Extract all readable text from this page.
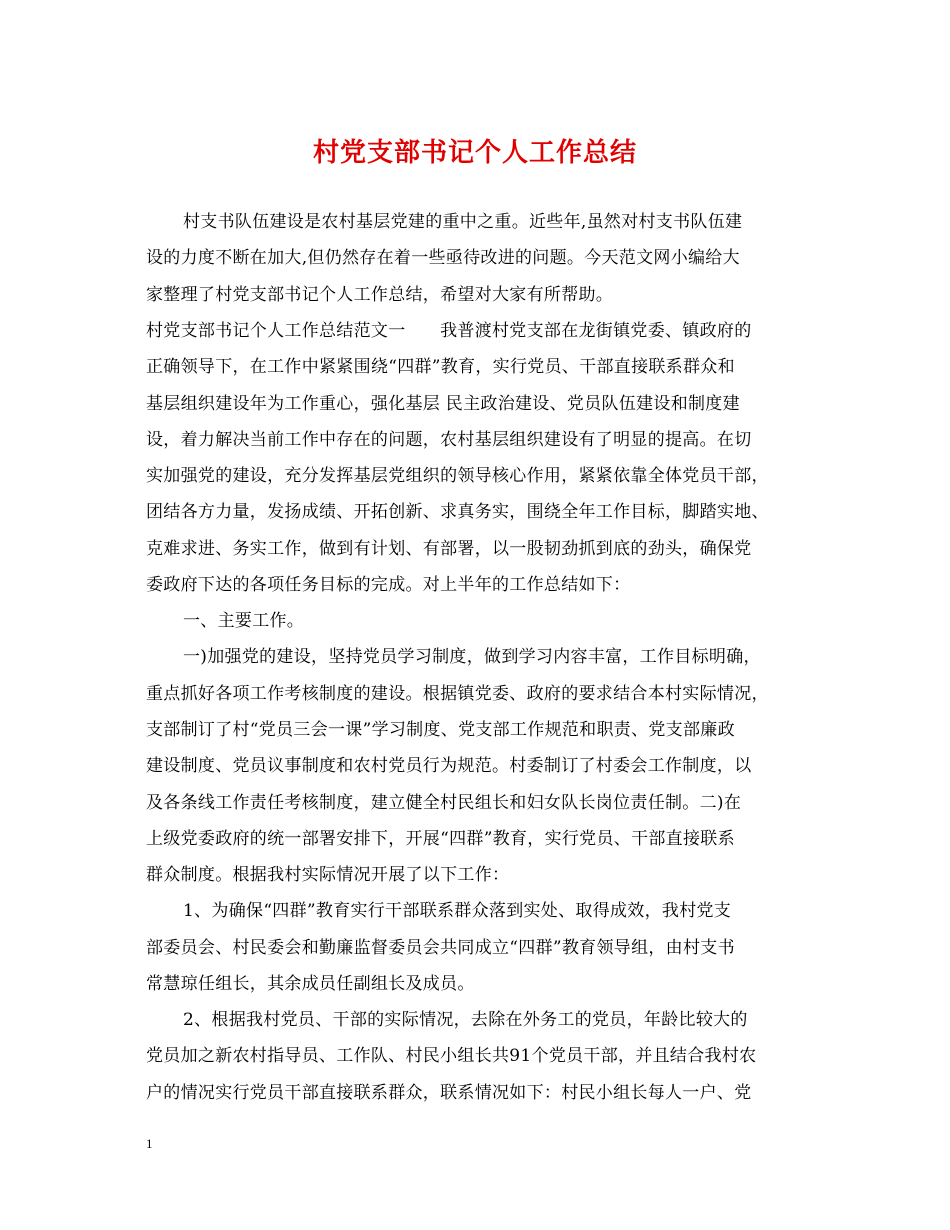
村党支部书记个人工作总结
村支书队伍建设是农村基层党建的重中之重。近些年,虽然对村支书队伍建
设的力度不断在加大,但仍然存在着一些亟待改进的问题。今天范文网小编给大
家整理了村党支部书记个人工作总结，希望对大家有所帮助。
村党支部书记个人工作总结范文一　　我普渡村党支部在龙街镇党委、镇政府的
正确领导下，在工作中紧紧围绕“四群”教育，实行党员、干部直接联系群众和
基层组织建设年为工作重心，强化基层 民主政治建设、党员队伍建设和制度建
设，着力解决当前工作中存在的问题，农村基层组织建设有了明显的提高。在切
实加强党的建设，充分发挥基层党组织的领导核心作用，紧紧依靠全体党员干部，
团结各方力量，发扬成绩、开拓创新、求真务实，围绕全年工作目标，脚踏实地、
克难求进、务实工作，做到有计划、有部署，以一股韧劲抓到底的劲头，确保党
委政府下达的各项任务目标的完成。对上半年的工作总结如下：
一、主要工作。
一)加强党的建设，坚持党员学习制度，做到学习内容丰富，工作目标明确，
重点抓好各项工作考核制度的建设。根据镇党委、政府的要求结合本村实际情况，
支部制订了村“党员三会一课”学习制度、党支部工作规范和职责、党支部廉政
建设制度、党员议事制度和农村党员行为规范。村委制订了村委会工作制度，以
及各条线工作责任考核制度，建立健全村民组长和妇女队长岗位责任制。二)在
上级党委政府的统一部署安排下，开展“四群”教育，实行党员、干部直接联系
群众制度。根据我村实际情况开展了以下工作：
1、为确保“四群”教育实行干部联系群众落到实处、取得成效，我村党支
部委员会、村民委会和勤廉监督委员会共同成立“四群”教育领导组，由村支书
常慧琼任组长，其余成员任副组长及成员。
2、根据我村党员、干部的实际情况，去除在外务工的党员，年龄比较大的
党员加之新农村指导员、工作队、村民小组长共91个党员干部，并且结合我村农
户的情况实行党员干部直接联系群众，联系情况如下：村民小组长每人一户、党
1
